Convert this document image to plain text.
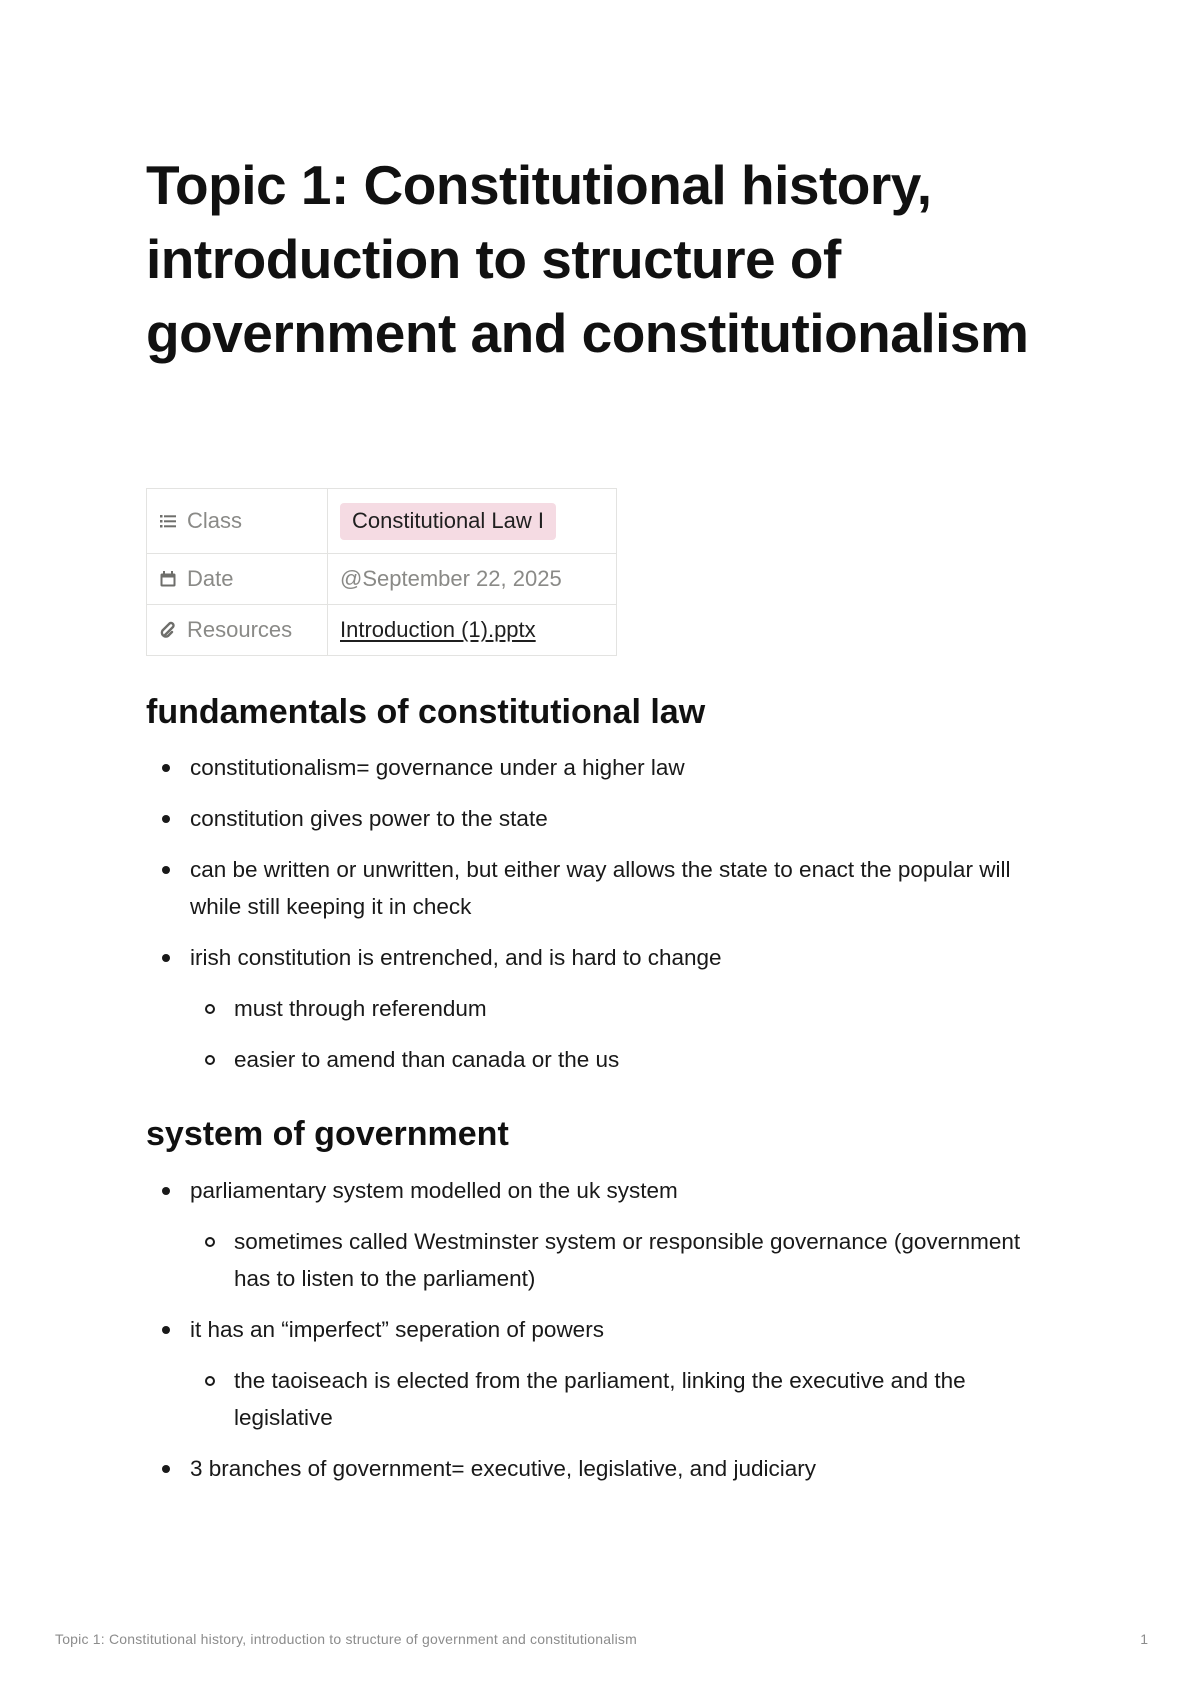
Topic 1: Constitutional history, introduction to structure of government and constitutionalism
Class	Constitutional Law I

Date	@September 22, 2025

Resources	Introduction (1).pptx
fundamentals of constitutional law
constitutionalism= governance under a higher law
constitution gives power to the state
can be written or unwritten, but either way allows the state to enact the popular will while still keeping it in check
irish constitution is entrenched, and is hard to change
must through referendum
easier to amend than canada or the us
system of government
parliamentary system modelled on the uk system
sometimes called Westminster system or responsible governance (government has to listen to the parliament)
it has an “imperfect” seperation of powers
the taoiseach is elected from the parliament, linking the executive and the legislative
3 branches of government= executive, legislative, and judiciary
Topic 1: Constitutional history, introduction to structure of government and constitutionalism	1
